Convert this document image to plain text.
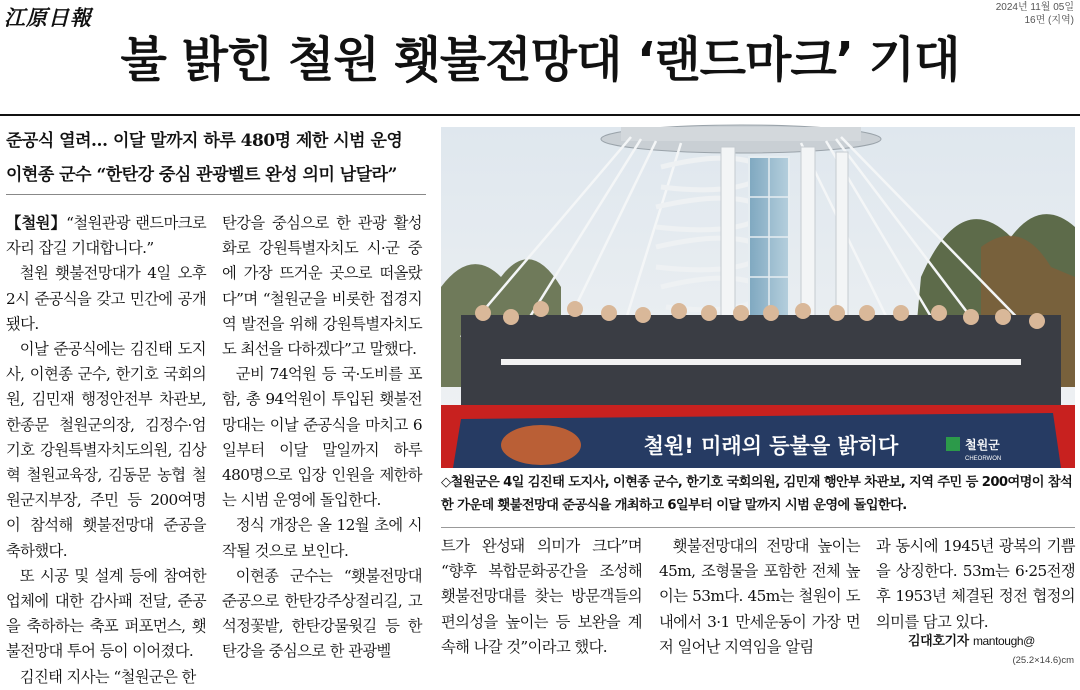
江原日報	2024년 11월 05일
16면 (지역)
불 밝힌 철원 횃불전망대 ‘랜드마크’ 기대
준공식 열려… 이달 말까지 하루 480명 제한 시범 운영
이현종 군수 “한탄강 중심 관광벨트 완성 의미 남달라”

【철원】“철원관광 랜드마크로 자리 잡길 기대합니다.”

철원 횃불전망대가 4일 오후 2시 준공식을 갖고 민간에 공개됐다.

이날 준공식에는 김진태 도지사, 이현종 군수, 한기호 국회의원, 김민재 행정안전부 차관보, 한종문 철원군의장, 김정수·엄기호 강원특별자치도의원, 김상혁 철원교육장, 김동문 농협 철원군지부장, 주민 등 200여명이 참석해 횃불전망대 준공을 축하했다.

또 시공 및 설계 등에 참여한 업체에 대한 감사패 전달, 준공을 축하하는 축포 퍼포먼스, 횃불전망대 투어 등이 이어졌다.

김진태 지사는 “철원군은 한

탄강을 중심으로 한 관광 활성화로 강원특별자치도 시·군 중에 가장 뜨거운 곳으로 떠올랐다”며 “철원군을 비롯한 접경지역 발전을 위해 강원특별자치도도 최선을 다하겠다”고 말했다.

군비 74억원 등 국·도비를 포함, 총 94억원이 투입된 횃불전망대는 이날 준공식을 마치고 6일부터 이달 말일까지 하루 480명으로 입장 인원을 제한하는 시범 운영에 돌입한다.

정식 개장은 올 12월 초에 시작될 것으로 보인다.

이현종 군수는 “횃불전망대 준공으로 한탄강주상절리길, 고석정꽃밭, 한탄강물윗길 등 한탄강을 중심으로 한 관광벨

철원! 미래의 등불을 밝히다	철원군
CHEORWON
◇철원군은 4일 김진태 도지사, 이현종 군수, 한기호 국회의원, 김민재 행안부 차관보, 지역 주민 등 200여명이 참석한 가운데 횃불전망대 준공식을 개최하고 6일부터 이달 말까지 시범 운영에 돌입한다.

트가 완성돼 의미가 크다”며 “향후 복합문화공간을 조성해 횃불전망대를 찾는 방문객들의 편의성을 높이는 등 보완을 계속해 나갈 것”이라고 했다.

횃불전망대의 전망대 높이는 45m, 조형물을 포함한 전체 높이는 53m다. 45m는 철원이 도내에서 3·1 만세운동이 가장 먼저 일어난 지역임을 알림

과 동시에 1945년 광복의 기쁨을 상징한다. 53m는 6·25전쟁 후 1953년 체결된 정전 협정의 의미를 담고 있다.

김대호기자 mantough@
(25.2×14.6)cm
